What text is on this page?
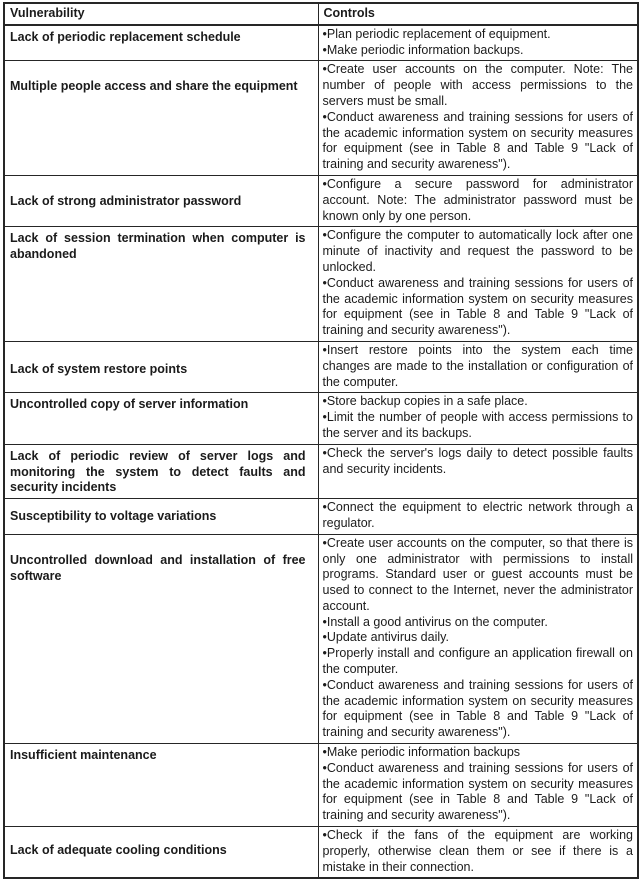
Vulnerability	Controls
Lack of periodic replacement schedule	•Plan periodic replacement of equipment.
•Make periodic information backups.

Multiple people access and share the equipment	•Create user accounts on the computer. Note: The number of people with access permissions to the servers must be small.
•Conduct awareness and training sessions for users of the academic information system on security measures for equipment (see in Table 8 and Table 9 "Lack of training and security awareness").

Lack of strong administrator password	•Configure a secure password for administrator account. Note: The administrator password must be known only by one person.

Lack of session termination when computer is abandoned	•Configure the computer to automatically lock after one minute of inactivity and request the password to be unlocked.
•Conduct awareness and training sessions for users of the academic information system on security measures for equipment (see in Table 8 and Table 9 "Lack of training and security awareness").

Lack of system restore points	•Insert restore points into the system each time changes are made to the installation or configuration of the computer.

Uncontrolled copy of server information	•Store backup copies in a safe place.
•Limit the number of people with access permissions to the server and its backups.

Lack of periodic review of server logs and monitoring the system to detect faults and security incidents	•Check the server's logs daily to detect possible faults and security incidents.

Susceptibility to voltage variations	•Connect the equipment to electric network through a regulator.

Uncontrolled download and installation of free software	•Create user accounts on the computer, so that there is only one administrator with permissions to install programs. Standard user or guest accounts must be used to connect to the Internet, never the administrator account.
•Install a good antivirus on the computer.
•Update antivirus daily.
•Properly install and configure an application firewall on the computer.
•Conduct awareness and training sessions for users of the academic information system on security measures for equipment (see in Table 8 and Table 9 "Lack of training and security awareness").

Insufficient maintenance	•Make periodic information backups
•Conduct awareness and training sessions for users of the academic information system on security measures for equipment (see in Table 8 and Table 9 "Lack of training and security awareness").

Lack of adequate cooling conditions	•Check if the fans of the equipment are working properly, otherwise clean them or see if there is a mistake in their connection.
